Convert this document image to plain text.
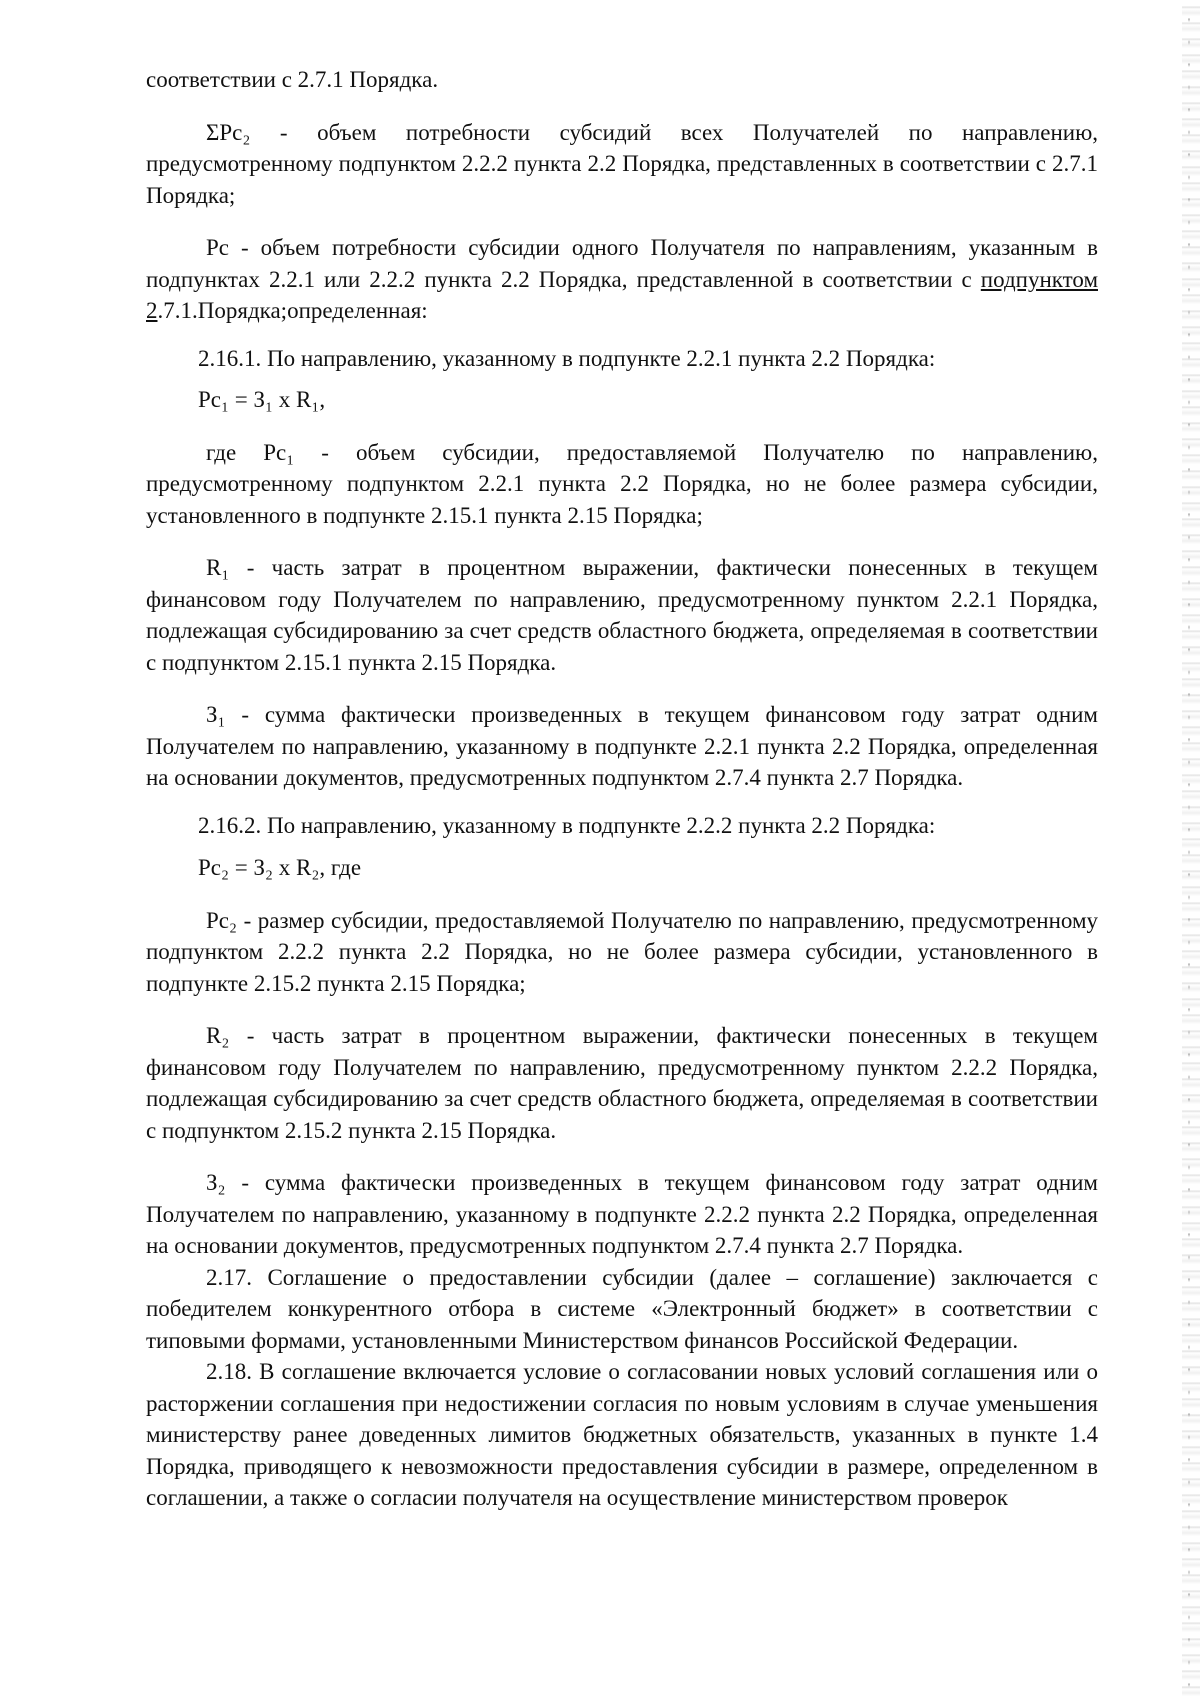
соответствии с 2.7.1 Порядка.

ΣPc₂ - объем потребности субсидий всех Получателей по направлению, предусмотренному подпунктом 2.2.2 пункта 2.2 Порядка, представленных в соответствии с 2.7.1 Порядка;

Pc - объем потребности субсидии одного Получателя по направлениям, указанным в подпунктах 2.2.1 или 2.2.2 пункта 2.2 Порядка, представленной в соответствии с подпунктом 2.7.1.Порядка;определенная:

2.16.1. По направлению, указанному в подпункте 2.2.1 пункта 2.2 Порядка:

Pc₁ = З₁ x R₁,

где Pc₁ - объем субсидии, предоставляемой Получателю по направлению, предусмотренному подпунктом 2.2.1 пункта 2.2 Порядка, но не более размера субсидии, установленного в подпункте 2.15.1 пункта 2.15 Порядка;

R₁ - часть затрат в процентном выражении, фактически понесенных в текущем финансовом году Получателем по направлению, предусмотренному пунктом 2.2.1 Порядка, подлежащая субсидированию за счет средств областного бюджета, определяемая в соответствии с подпунктом 2.15.1 пункта 2.15 Порядка.

З₁ - сумма фактически произведенных в текущем финансовом году затрат одним Получателем по направлению, указанному в подпункте 2.2.1 пункта 2.2 Порядка, определенная на основании документов, предусмотренных подпунктом 2.7.4 пункта 2.7 Порядка.

2.16.2. По направлению, указанному в подпункте 2.2.2 пункта 2.2 Порядка:

Pc₂ = З₂ x R₂, где

Pc₂ - размер субсидии, предоставляемой Получателю по направлению, предусмотренному подпунктом 2.2.2 пункта 2.2 Порядка, но не более размера субсидии, установленного в подпункте 2.15.2 пункта 2.15 Порядка;

R₂ - часть затрат в процентном выражении, фактически понесенных в текущем финансовом году Получателем по направлению, предусмотренному пунктом 2.2.2 Порядка, подлежащая субсидированию за счет средств областного бюджета, определяемая в соответствии с подпунктом 2.15.2 пункта 2.15 Порядка.

З₂ - сумма фактически произведенных в текущем финансовом году затрат одним Получателем по направлению, указанному в подпункте 2.2.2 пункта 2.2 Порядка, определенная на основании документов, предусмотренных подпунктом 2.7.4 пункта 2.7 Порядка.

2.17. Соглашение о предоставлении субсидии (далее – соглашение) заключается с победителем конкурентного отбора в системе «Электронный бюджет» в соответствии с типовыми формами, установленными Министерством финансов Российской Федерации.

2.18. В соглашение включается условие о согласовании новых условий соглашения или о расторжении соглашения при недостижении согласия по новым условиям в случае уменьшения министерству ранее доведенных лимитов бюджетных обязательств, указанных в пункте 1.4 Порядка, приводящего к невозможности предоставления субсидии в размере, определенном в соглашении, а также о согласии получателя на осуществление министерством проверок
